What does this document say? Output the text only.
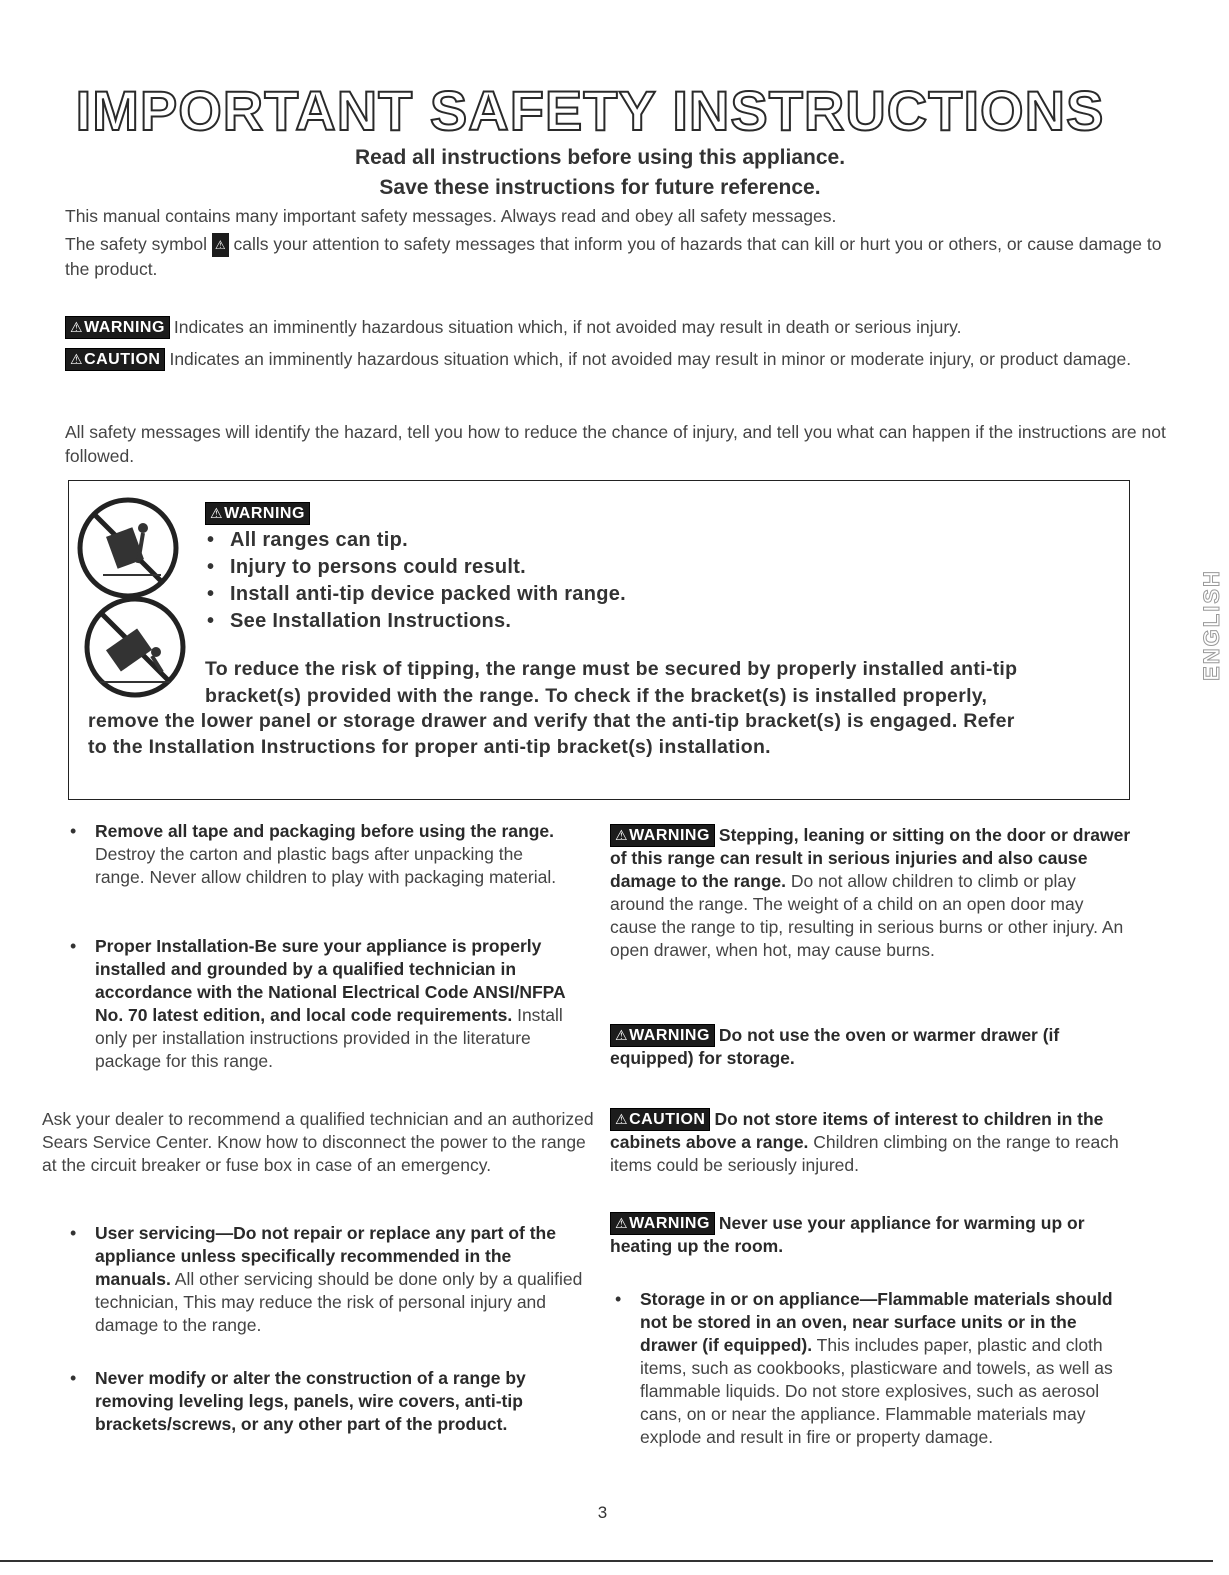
IMPORTANT SAFETY INSTRUCTIONS
Read all instructions before using this appliance.
Save these instructions for future reference.
This manual contains many important safety messages. Always read and obey all safety messages.
The safety symbol ⚠ calls your attention to safety messages that inform you of hazards that can kill or hurt you or others, or cause damage to the product.
⚠WARNING Indicates an imminently hazardous situation which, if not avoided may result in death or serious injury.
⚠CAUTION Indicates an imminently hazardous situation which, if not avoided may result in minor or moderate injury, or product damage.
All safety messages will identify the hazard, tell you how to reduce the chance of injury, and tell you what can happen if the instructions are not followed.
⚠WARNING
• All ranges can tip.
• Injury to persons could result.
• Install anti-tip device packed with range.
• See Installation Instructions.
To reduce the risk of tipping, the range must be secured by properly installed anti-tip
bracket(s) provided with the range. To check if the bracket(s) is installed properly,
remove the lower panel or storage drawer and verify that the anti-tip bracket(s) is engaged. Refer
to the Installation Instructions for proper anti-tip bracket(s) installation.
• Remove all tape and packaging before using the range. Destroy the carton and plastic bags after unpacking the range. Never allow children to play with packaging material.
• Proper Installation-Be sure your appliance is properly installed and grounded by a qualified technician in accordance with the National Electrical Code ANSI/NFPA No. 70 latest edition, and local code requirements. Install only per installation instructions provided in the literature package for this range.
Ask your dealer to recommend a qualified technician and an authorized Sears Service Center. Know how to disconnect the power to the range at the circuit breaker or fuse box in case of an emergency.
• User servicing—Do not repair or replace any part of the appliance unless specifically recommended in the manuals. All other servicing should be done only by a qualified technician, This may reduce the risk of personal injury and damage to the range.
• Never modify or alter the construction of a range by removing leveling legs, panels, wire covers, anti-tip brackets/screws, or any other part of the product.
⚠WARNING Stepping, leaning or sitting on the door or drawer of this range can result in serious injuries and also cause damage to the range. Do not allow children to climb or play around the range. The weight of a child on an open door may cause the range to tip, resulting in serious burns or other injury. An open drawer, when hot, may cause burns.
⚠WARNING Do not use the oven or warmer drawer (if equipped) for storage.
⚠CAUTION Do not store items of interest to children in the cabinets above a range. Children climbing on the range to reach items could be seriously injured.
⚠WARNING Never use your appliance for warming up or heating up the room.
• Storage in or on appliance—Flammable materials should not be stored in an oven, near surface units or in the drawer (if equipped). This includes paper, plastic and cloth items, such as cookbooks, plasticware and towels, as well as flammable liquids. Do not store explosives, such as aerosol cans, on or near the appliance. Flammable materials may explode and result in fire or property damage.
ENGLISH
3
